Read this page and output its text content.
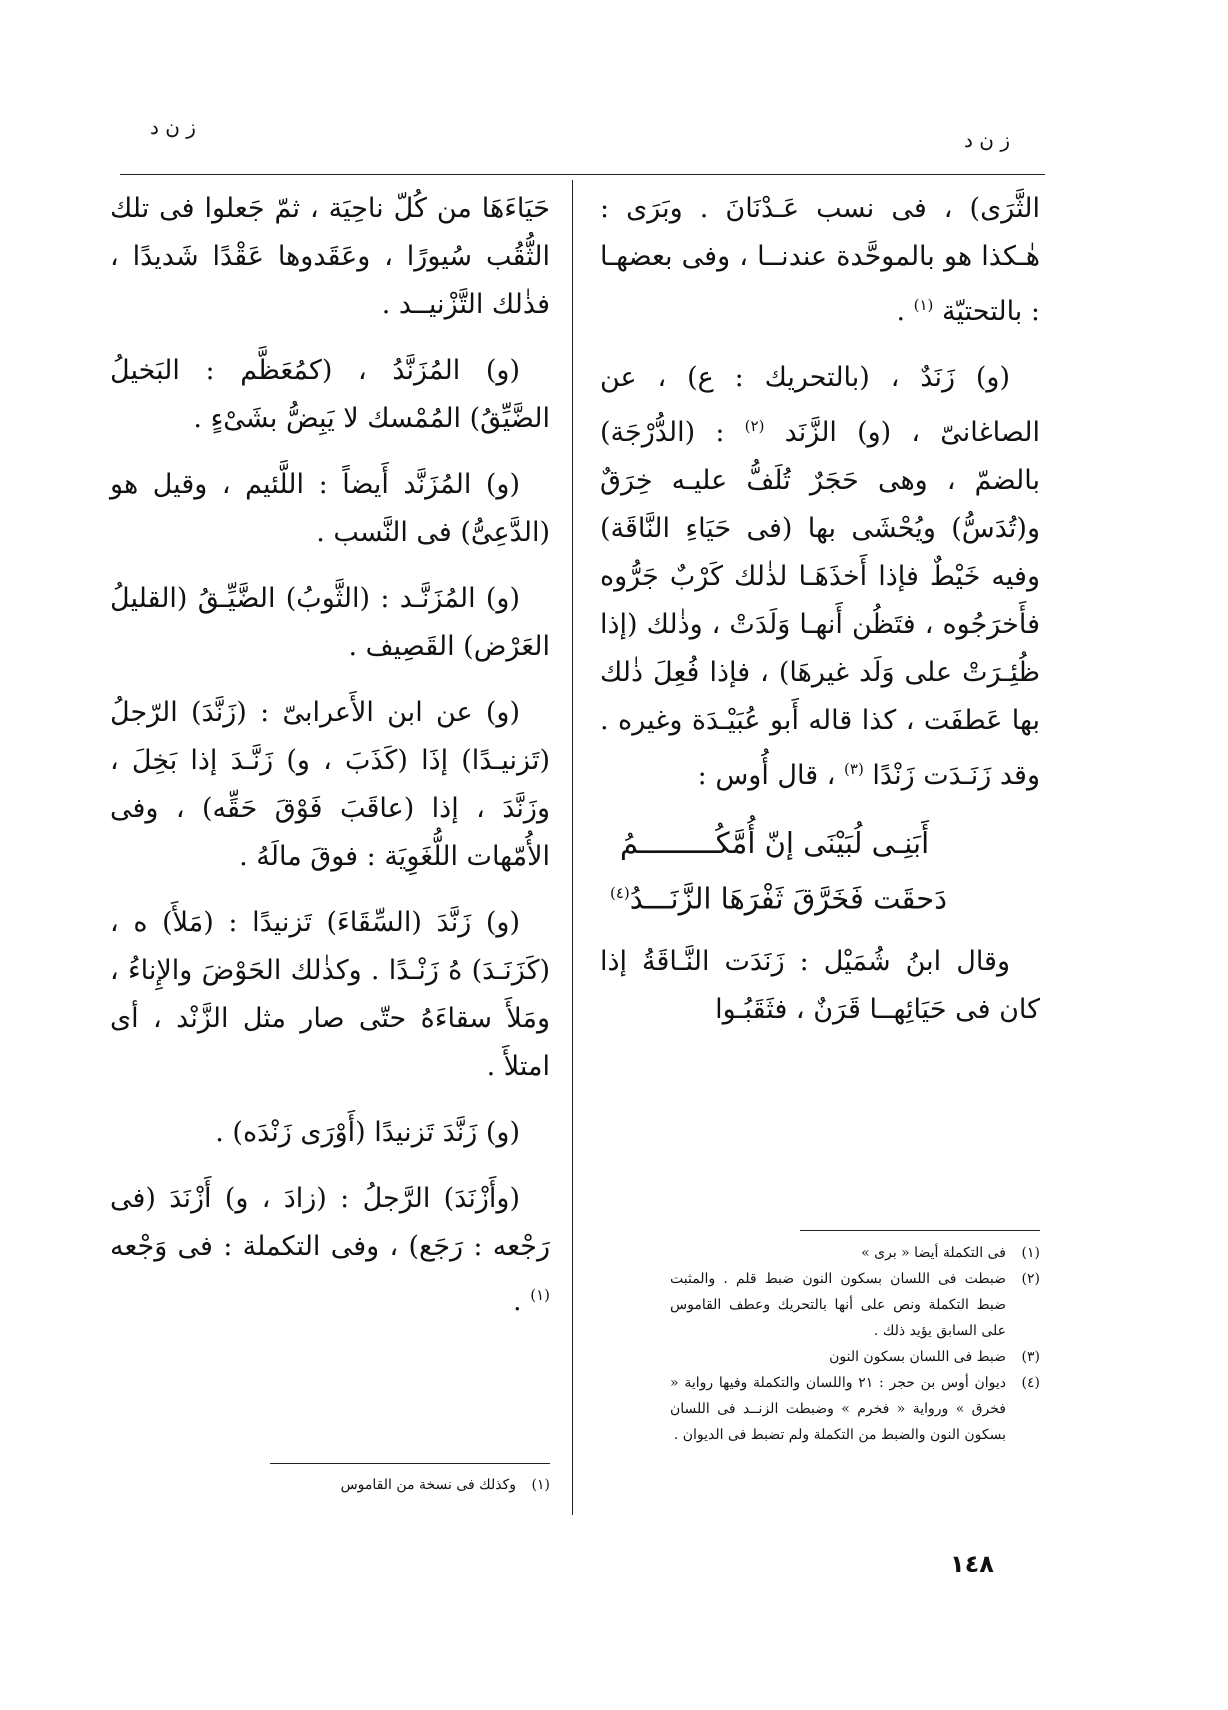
ز ن د
ز ن د

الثَّرَى) ، فى نسب عَـدْنَانَ . وبَرَى : هٰـكذا هو بالموحَّدة عندنــا ، وفى بعضهـا : بالتحتيّة $^{(١)}$ .

(و) زَنَدٌ ، (بالتحريك : ع) ، عن الصاغانىّ ، (و) الزَّنَد $^{(٢)}$ : (الدُّرْجَة) بالضمّ ، وهى حَجَرٌ تُلَفُّ عليـه خِرَقٌ و(تُدَسُّ) ويُحْشَى بها (فى حَيَاءِ النَّاقَة) وفيه خَيْطٌ فإذا أَخذَهَـا لذٰلك كَرْبٌ جَرُّوه فأَخرَجُوه ، فتَظُن أَنهـا وَلَدَتْ ، وذٰلك (إذا ظُئِـرَتْ على وَلَد غيرهَا) ، فإذا فُعِلَ ذٰلك بها عَطفَت ، كذا قاله أَبو عُبَيْـدَة وغيره . وقد زَنَـدَت زَنْدًا $^{(٣)}$ ، قال أُوس :

أَبَنِـى لُبَيْنَى إنّ أُمَّكُـــــــــمُ
دَحقَت فَخَرَّقَ ثَفْرَهَا الزَّنَـــدُ$^{(٤)}$

وقال ابنُ شُمَيْل : زَنَدَت النَّـاقَةُ إذا كان فى حَيَائِهــا قَرَنٌ ، فثَقَبُـوا

حَيَاءَهَا من كُلّ ناحِيَة ، ثمّ جَعلوا فى تلك الثُّقُب سُيورًا ، وعَقَدوها عَقْدًا شَديدًا ، فذٰلك التَّزْنيــد .

(و) المُزَنَّدُ ، (كمُعَظَّم : البَخيلُ الضَّيِّقُ) المُمْسك لا يَبِضُّ بشَىْءٍ .

(و) المُزَنَّد أَيضاً : اللَّئيم ، وقيل هو (الدَّعِىُّ) فى النَّسب .

(و) المُزَنَّـد : (الثَّوبُ) الضَّيِّـقُ (القليلُ العَرْض) القَصِيف .

(و) عن ابن الأَعرابىّ : (زَنَّدَ) الرّجلُ (تَزنيـدًا) إذَا (كَذَبَ ، و) زَنَّـدَ إذا بَخِلَ ، وزَنَّدَ ، إذا (عاقَبَ فَوْقَ حَقِّه) ، وفى الأُمّهات اللُّغَوِيَة : فوقَ مالَهُ .

(و) زَنَّدَ (السِّقَاءَ) تَزنيدًا : (مَلأَ) ه ، (كَزَنَـدَ) هُ زَنْـدًا . وكذٰلك الحَوْضَ والإِناءُ ، ومَلأَ سقاءَهُ حتّى صار مثل الزَّنْد ، أى امتلأَ .

(و) زَنَّدَ تَزنيدًا (أَوْرَى زَنْدَه) .

(وأَزْنَدَ) الرَّجلُ : (زادَ ، و) أَزْنَدَ (فى رَجْعه : رَجَع) ، وفى التكملة : فى وَجْعه $^{(١)}$ .

(١)
فى التكملة أيضا « برى »
(٢)
ضبطت فى اللسان بسكون النون ضبط قلم . والمثبت ضبط التكملة ونص على أنها بالتحريك وعطف القاموس على السابق يؤيد ذلك .
(٣)
ضبط فى اللسان بسكون النون
(٤)
ديوان أوس بن حجر : ٢١ واللسان والتكملة وفيها رواية « فخرق » ورواية « فخرم » وضبطت الزنــد فى اللسان بسكون النون والضبط من التكملة ولم تضبط فى الديوان .
(١)
وكذلك فى نسخة من القاموس
١٤٨
